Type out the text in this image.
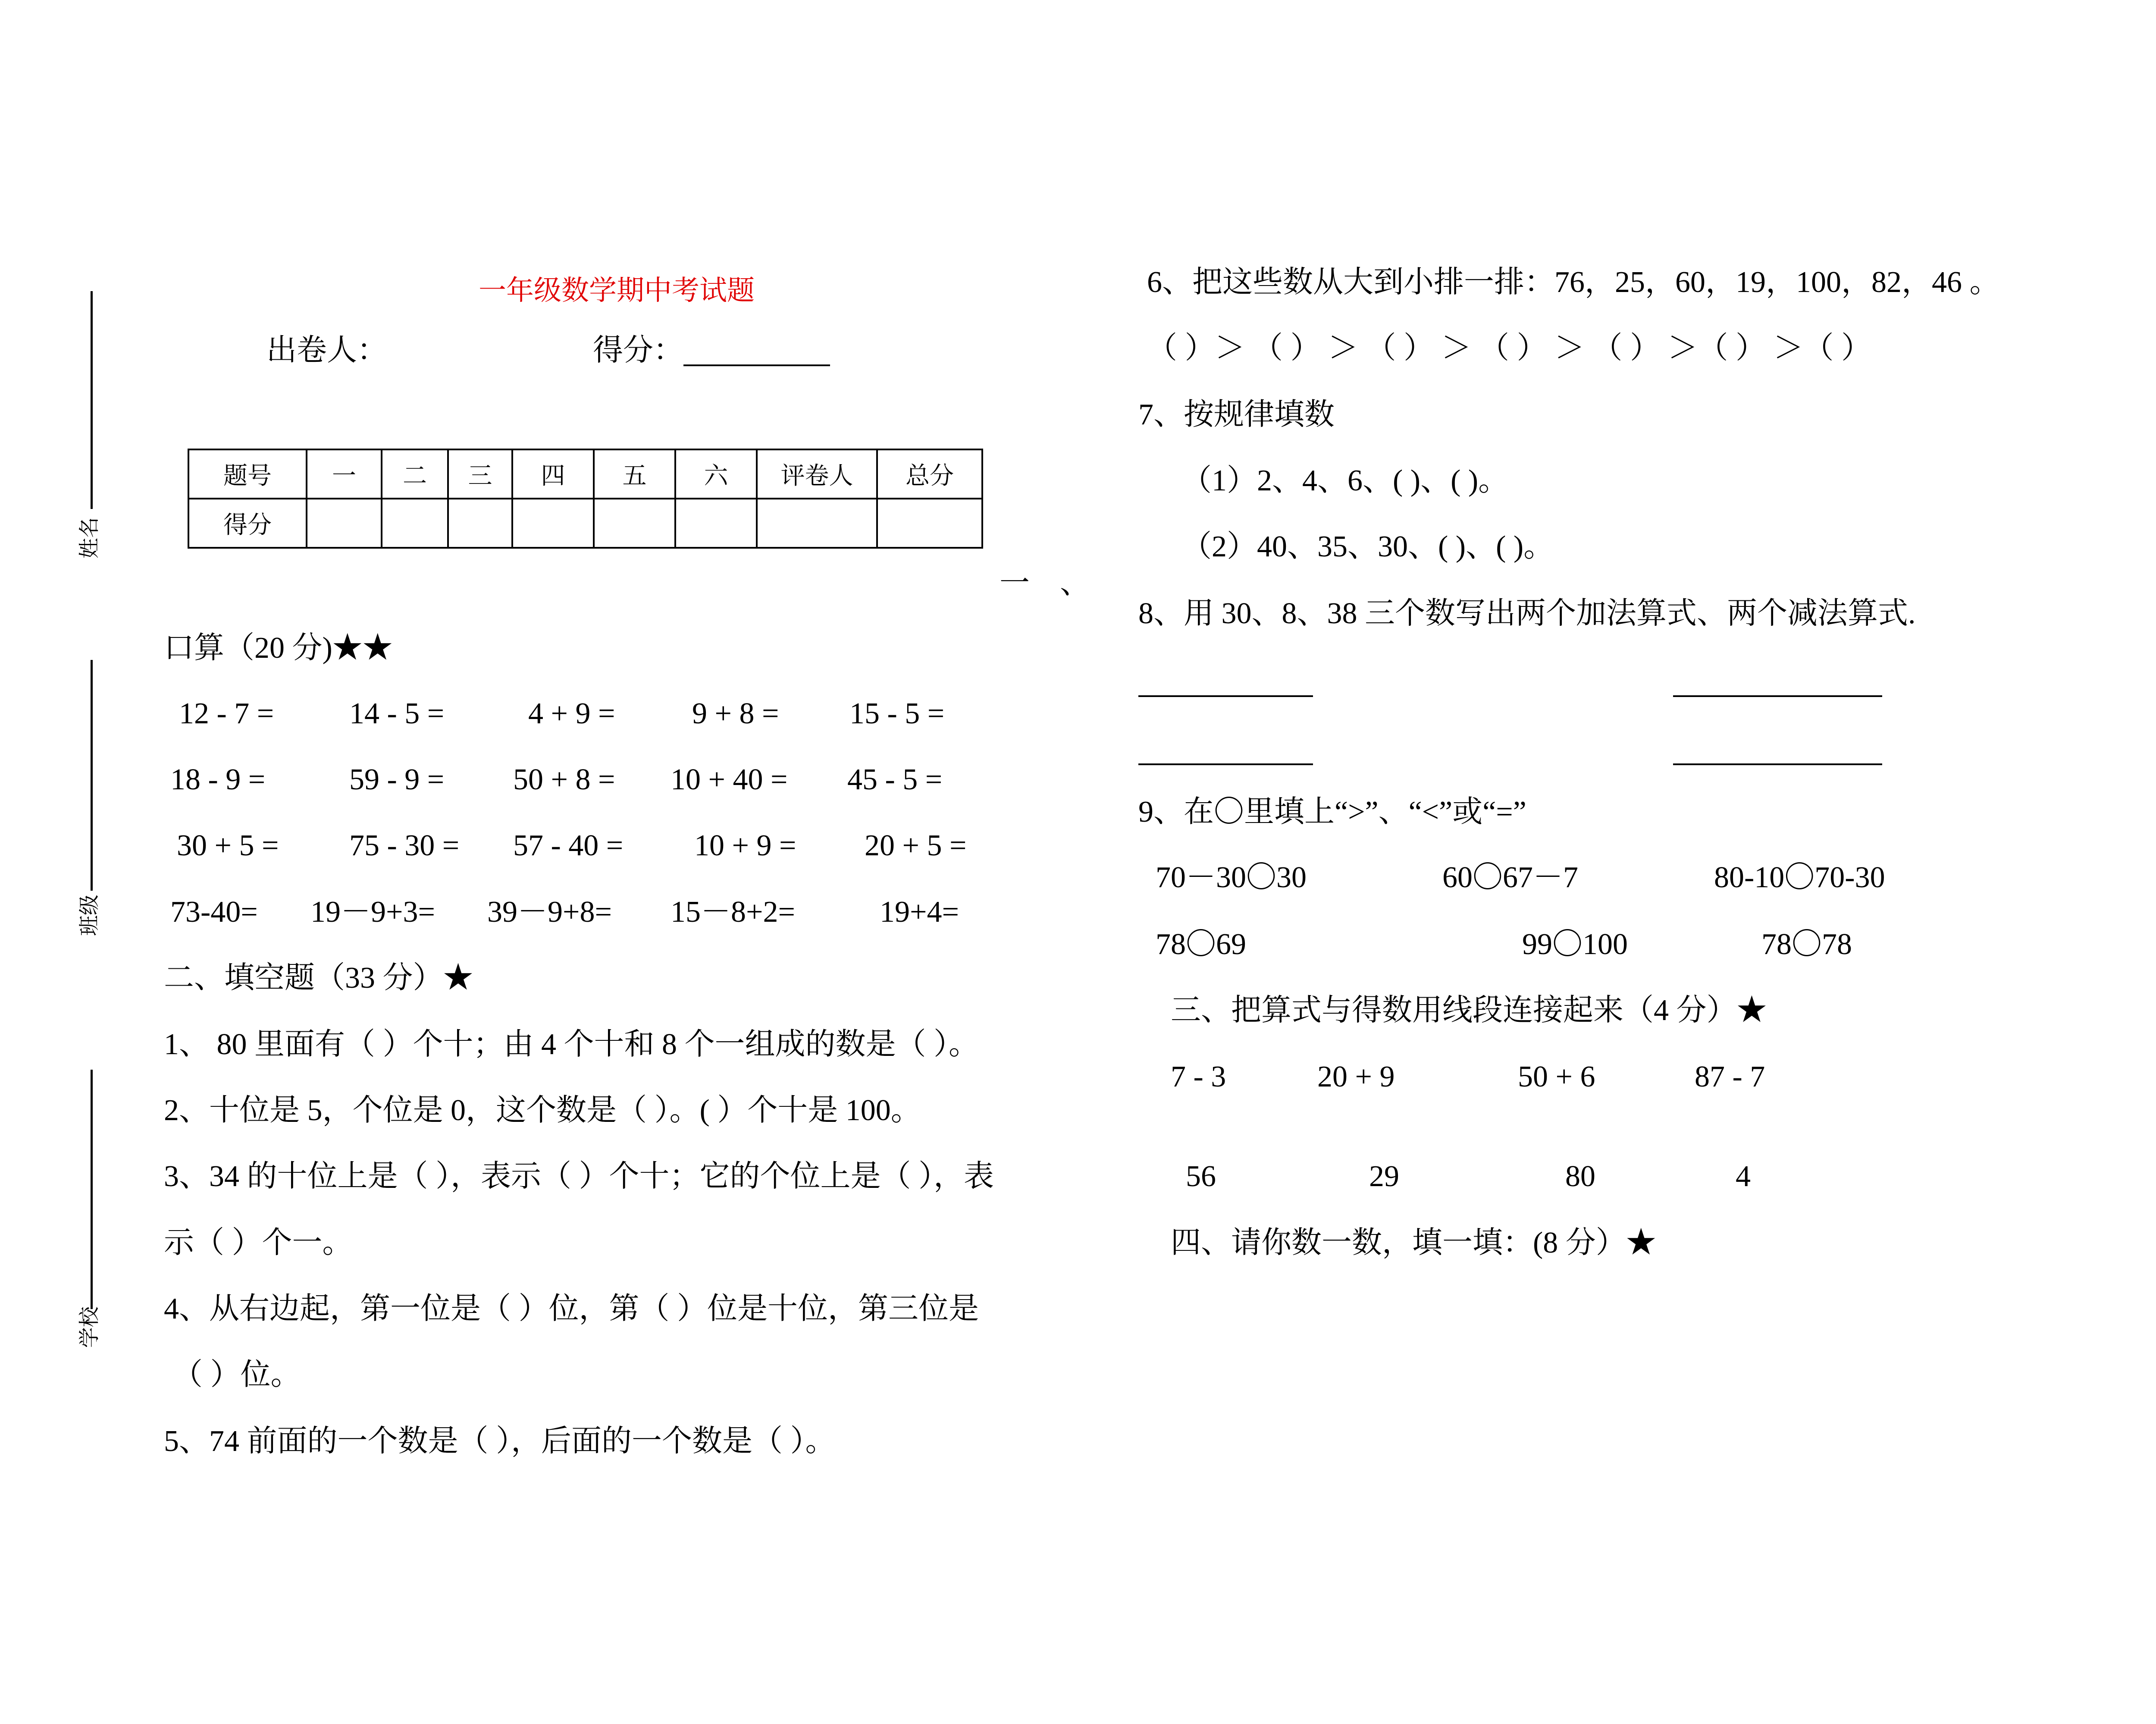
姓名
班级
学校
一年级数学期中考试题
出卷人：	得分：
题号	一	二	三	四	五	六	评卷人	总分
得分								
一　、
口算（20 分)★★
12 - 7 = 14 - 5 =	4 + 9 =	9 + 8 = 15 - 5 =
18 - 9 =	59 - 9 = 50 + 8 = 10 + 40 = 45 - 5 =
30 + 5 = 75 - 30 = 57 - 40 = 10 + 9 = 20 + 5 =
73-40= 19－9+3= 39－9+8= 15－8+2=	19+4=
二、填空题（33 分）★
1、 80 里面有（ ）个十；由 4 个十和 8 个一组成的数是（ ）。
2、十位是 5，个位是 0，这个数是（ ）。( ）个十是 100。
3、34 的十位上是（ ），表示（ ）个十；它的个位上是（ ），表
示（ ）个一。
4、从右边起，第一位是（ ）位，第（ ）位是十位，第三位是
（ ）位。
5、74 前面的一个数是（ ），后面的一个数是（ ）。
6、把这些数从大到小排一排：76，25，60，19，100，82，46 。
（ ）＞ （ ） ＞ （ ） ＞ （ ） ＞ （ ） ＞（ ） ＞（ ）
7、按规律填数
（1）2、4、6、( )、( )。
（2）40、35、30、( )、( )。
8、用 30、8、38 三个数写出两个加法算式、两个减法算式.
9、在〇里填上“>”、“<”或“=”
70－30〇30	60〇67－7	80-10〇70-30
78〇69	99〇100	78〇78
三、把算式与得数用线段连接起来（4 分）★
7 - 3	20 + 9	50 + 6	87 - 7
56	29	80	4
四、请你数一数，填一填：(8 分）★
